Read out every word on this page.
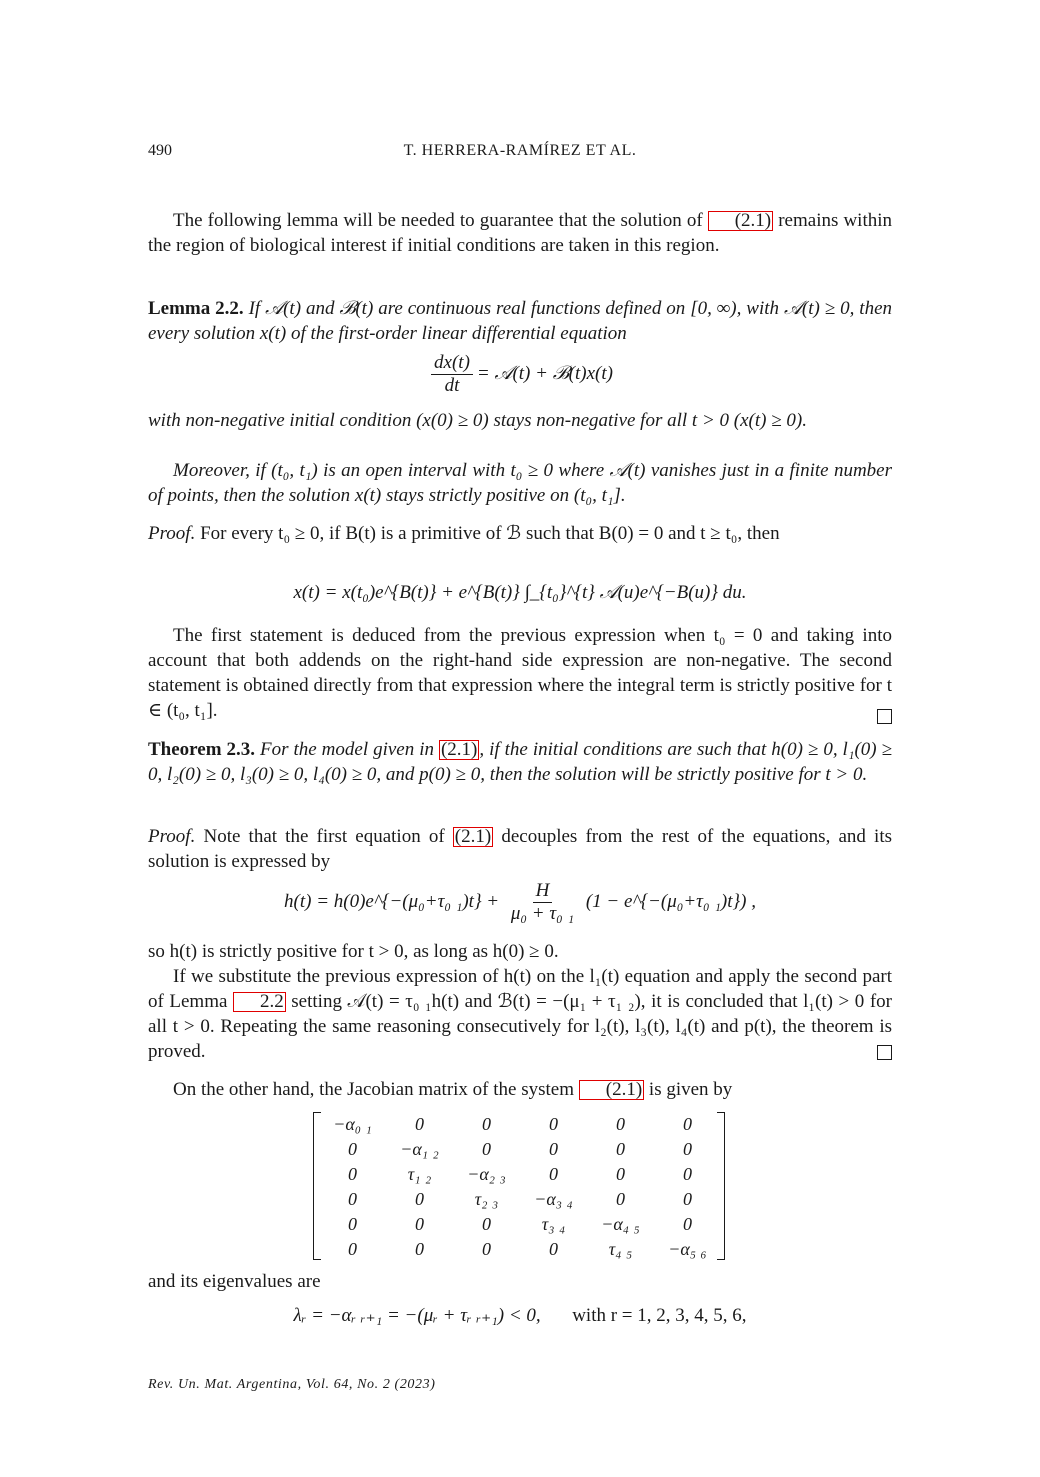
490	T. HERRERA-RAMÍREZ ET AL.
The following lemma will be needed to guarantee that the solution of (2.1) remains within the region of biological interest if initial conditions are taken in this region.
Lemma 2.2. If 𝒜(t) and ℬ(t) are continuous real functions defined on [0, ∞), with 𝒜(t) ≥ 0, then every solution x(t) of the first-order linear differential equation
$\frac{dx(t)}{dt}$ = 𝒜(t) + ℬ(t)x(t)
with non-negative initial condition (x(0) ≥ 0) stays non-negative for all t > 0 (x(t) ≥ 0).
Moreover, if (t₀, t₁) is an open interval with t₀ ≥ 0 where 𝒜(t) vanishes just in a finite number of points, then the solution x(t) stays strictly positive on (t₀, t₁].
Proof. For every t₀ ≥ 0, if B(t) is a primitive of ℬ such that B(0) = 0 and t ≥ t₀, then
x(t) = x(t₀)e^{B(t)} + e^{B(t)} ∫_{t₀}^{t} 𝒜(u)e^{−B(u)} du.
The first statement is deduced from the previous expression when t₀ = 0 and taking into account that both addends on the right-hand side expression are non-negative. The second statement is obtained directly from that expression where the integral term is strictly positive for t ∈ (t₀, t₁].
Theorem 2.3. For the model given in (2.1) , if the initial conditions are such that h(0) ≥ 0, l₁(0) ≥ 0, l₂(0) ≥ 0, l₃(0) ≥ 0, l₄(0) ≥ 0, and p(0) ≥ 0, then the solution will be strictly positive for t > 0.
Proof. Note that the first equation of (2.1) decouples from the rest of the equations, and its solution is expressed by
h(t) = h(0)e^{−(μ₀+τ₀ $_1)t\} + \frac{H}{\text{μ₀ + τ₀ ₁}} (1$ − e^{−(μ₀+τ₀ ₁)t}) ,
so h(t) is strictly positive for t > 0, as long as h(0) ≥ 0.
If we substitute the previous expression of h(t) on the l₁(t) equation and apply the second part of Lemma 2.2 setting 𝒜(t) = τ₀ ₁h(t) and ℬ(t) = −(μ₁ + τ₁ ₂), it is concluded that l₁(t) > 0 for all t > 0. Repeating the same reasoning consecutively for l₂(t), l₃(t), l₄(t) and p(t), the theorem is proved.
On the other hand, the Jacobian matrix of the system (2.1) is given by
−α₀ ₁	0	0	0	0	0
0	−α₁ ₂	0	0	0	0
0	τ₁ ₂	−α₂ ₃	0	0	0
0	0	τ₂ ₃	−α₃ ₄	0	0
0	0	0	τ₃ ₄	−α₄ ₅	0
0	0	0	0	τ₄ ₅	−α₅ ₆
and its eigenvalues are
λᵣ = −αᵣ ᵣ₊₁ = −(μᵣ + τᵣ ᵣ₊₁) < 0, with r = 1, 2, 3, 4, 5, 6,
Rev. Un. Mat. Argentina, Vol. 64, No. 2 (2023)
